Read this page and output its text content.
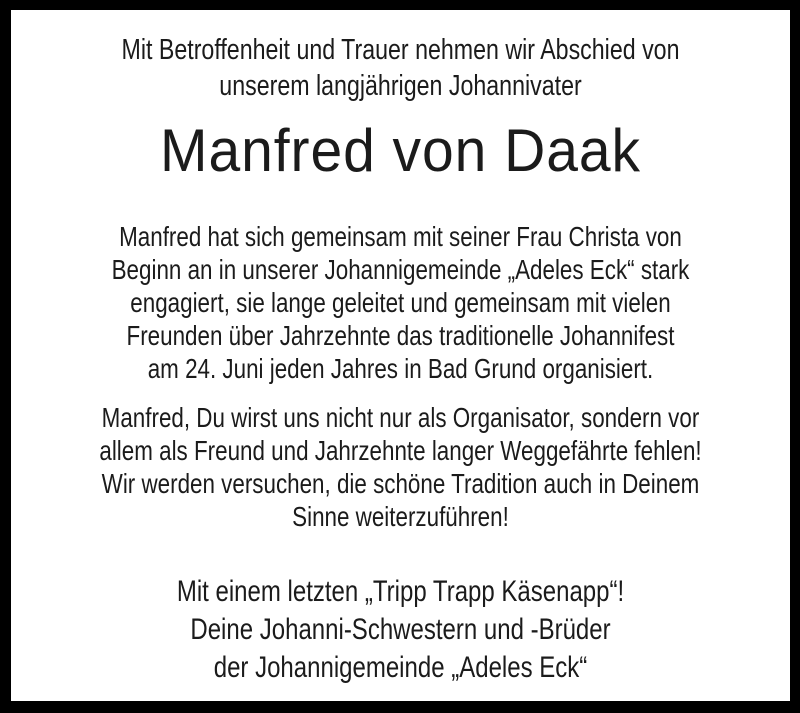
Mit Betroffenheit und Trauer nehmen wir Abschied von
unserem langjährigen Johannivater
Manfred von Daak
Manfred hat sich gemeinsam mit seiner Frau Christa von
Beginn an in unserer Johannigemeinde „Adeles Eck“ stark
engagiert, sie lange geleitet und gemeinsam mit vielen
Freunden über Jahrzehnte das traditionelle Johannifest
am 24. Juni jeden Jahres in Bad Grund organisiert.
Manfred, Du wirst uns nicht nur als Organisator, sondern vor
allem als Freund und Jahrzehnte langer Weggefährte fehlen!
Wir werden versuchen, die schöne Tradition auch in Deinem
Sinne weiterzuführen!
Mit einem letzten „Tripp Trapp Käsenapp“!
Deine Johanni-Schwestern und -Brüder
der Johannigemeinde „Adeles Eck“
